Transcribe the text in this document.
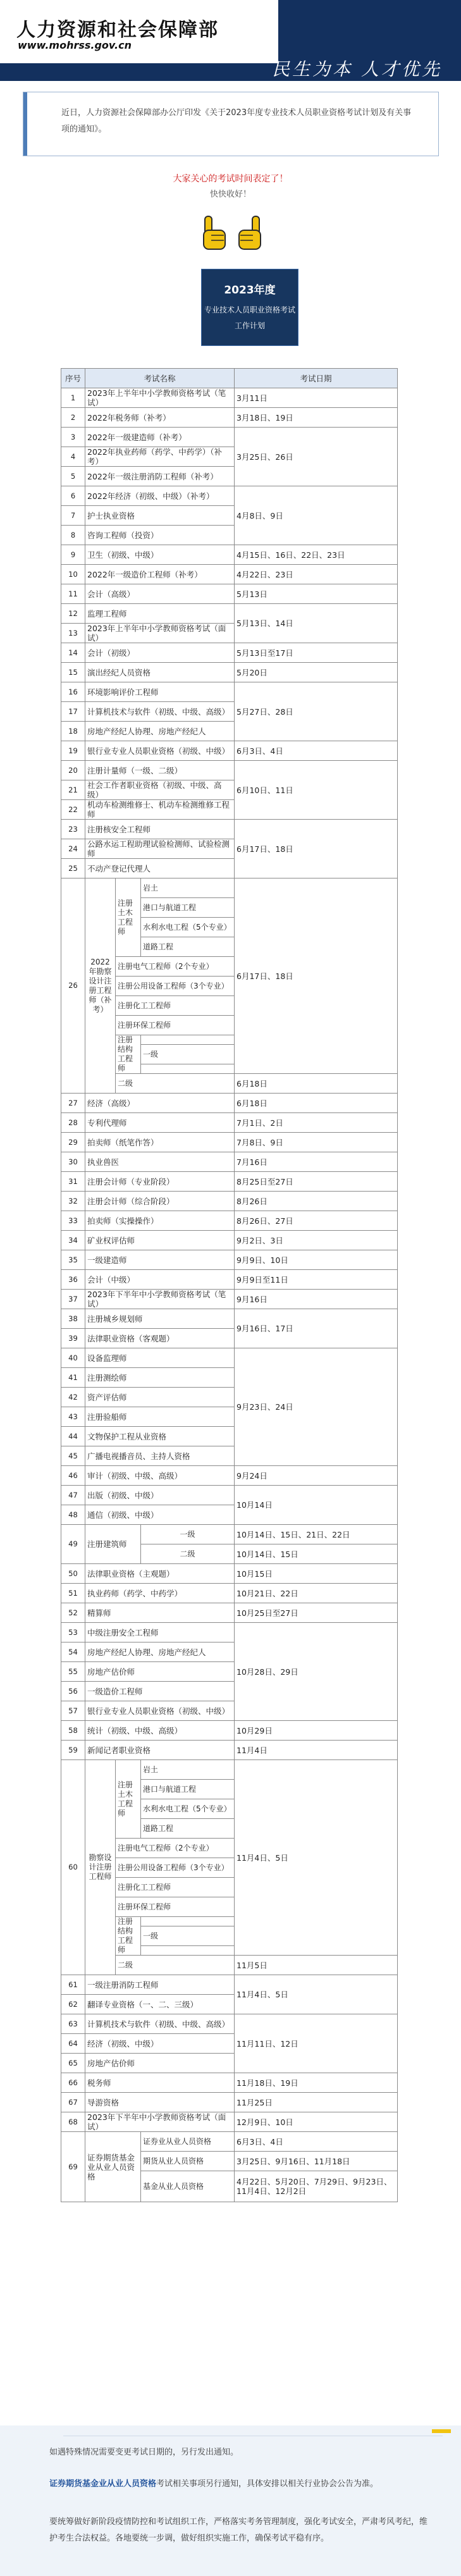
人力资源和社会保障部
www.mohrss.gov.cn
民生为本 人才优先
近日，人力资源社会保障部办公厅印发《关于2023年度专业技术人员职业资格考试计划及有关事项的通知》。
大家关心的考试时间表定了！
快快收好！
2023年度
专业技术人员职业资格考试
工作计划
序号	考试名称			考试日期
1	2023年上半年中小学教师资格考试（笔试）			3月11日
2	2022年税务师（补考）			3月18日、19日
3	2022年一级建造师（补考）			3月25日、26日
4	2022年执业药师（药学、中药学）（补考）			
5	2022年一级注册消防工程师（补考）			
6	2022年经济（初级、中级）（补考）			4月8日、9日
7	护士执业资格			
8	咨询工程师（投资）			
9	卫生（初级、中级）			4月15日、16日、22日、23日
10	2022年一级造价工程师（补考）			4月22日、23日
11	会计（高级）			5月13日
12	监理工程师			5月13日、14日
13	2023年上半年中小学教师资格考试（面试）			
14	会计（初级）			5月13日至17日
15	演出经纪人员资格			5月20日
16	环境影响评价工程师			5月27日、28日
17	计算机技术与软件（初级、中级、高级）			
18	房地产经纪人协理、房地产经纪人			
19	银行业专业人员职业资格（初级、中级）			6月3日、4日
20	注册计量师（一级、二级）			6月10日、11日
21	社会工作者职业资格（初级、中级、高级）			
22	机动车检测维修士、机动车检测维修工程师			
23	注册核安全工程师			6月17日、18日
24	公路水运工程助理试验检测师、试验检测师			
25	不动产登记代理人			
26	2022年勘察设计注册工程师（补考）	注册土木工程师	岩土	6月17日、18日
			港口与航道工程	
			水利水电工程（5个专业）	
			道路工程	
		注册电气工程师（2个专业）		
		注册公用设备工程师（3个专业）		
		注册化工工程师		
		注册环保工程师		
		注册结构工程师		
			一级	

		二级		6月18日
27	经济（高级）			6月18日
28	专利代理师			7月1日、2日
29	拍卖师（纸笔作答）			7月8日、9日
30	执业兽医			7月16日
31	注册会计师（专业阶段）			8月25日至27日
32	注册会计师（综合阶段）			8月26日
33	拍卖师（实操操作）			8月26日、27日
34	矿业权评估师			9月2日、3日
35	一级建造师			9月9日、10日
36	会计（中级）			9月9日至11日
37	2023年下半年中小学教师资格考试（笔试）			9月16日
38	注册城乡规划师			9月16日、17日
39	法律职业资格（客观题）			
40	设备监理师			9月23日、24日
41	注册测绘师			
42	资产评估师			
43	注册验船师			
44	文物保护工程从业资格			
45	广播电视播音员、主持人资格			
46	审计（初级、中级、高级）			9月24日
47	出版（初级、中级）			10月14日
48	通信（初级、中级）			
49	注册建筑师		一级	10月14日、15日、21日、22日
			二级	10月14日、15日
50	法律职业资格（主观题）			10月15日
51	执业药师（药学、中药学）			10月21日、22日
52	精算师			10月25日至27日
53	中级注册安全工程师			10月28日、29日
54	房地产经纪人协理、房地产经纪人			
55	房地产估价师			
56	一级造价工程师			
57	银行业专业人员职业资格（初级、中级）			
58	统计（初级、中级、高级）			10月29日
59	新闻记者职业资格			11月4日
60	勘察设计注册工程师	注册土木工程师	岩土	11月4日、5日
			港口与航道工程	
			水利水电工程（5个专业）	
			道路工程	
		注册电气工程师（2个专业）		
		注册公用设备工程师（3个专业）		
		注册化工工程师		
		注册环保工程师		
		注册结构工程师		
			一级	

		二级		11月5日
61	一级注册消防工程师			11月4日、5日
62	翻译专业资格（一、二、三级）			
63	计算机技术与软件（初级、中级、高级）			11月11日、12日
64	经济（初级、中级）			
65	房地产估价师			
66	税务师			11月18日、19日
67	导游资格			11月25日
68	2023年下半年中小学教师资格考试（面试）			12月9日、10日
69	证券期货基金业从业人员资格		证券业从业人员资格	6月3日、4日
			期货从业人员资格	3月25日、9月16日、11月18日
			基金从业人员资格	4月22日、5月20日、7月29日、9月23日、11月4日、12月2日
如遇特殊情况需要变更考试日期的，另行发出通知。
证券期货基金业从业人员资格考试相关事项另行通知，具体安排以相关行业协会公告为准。
要统筹做好新阶段疫情防控和考试组织工作，严格落实考务管理制度，强化考试安全，严肃考风考纪，维护考生合法权益。各地要统一步调，做好组织实施工作，确保考试平稳有序。
